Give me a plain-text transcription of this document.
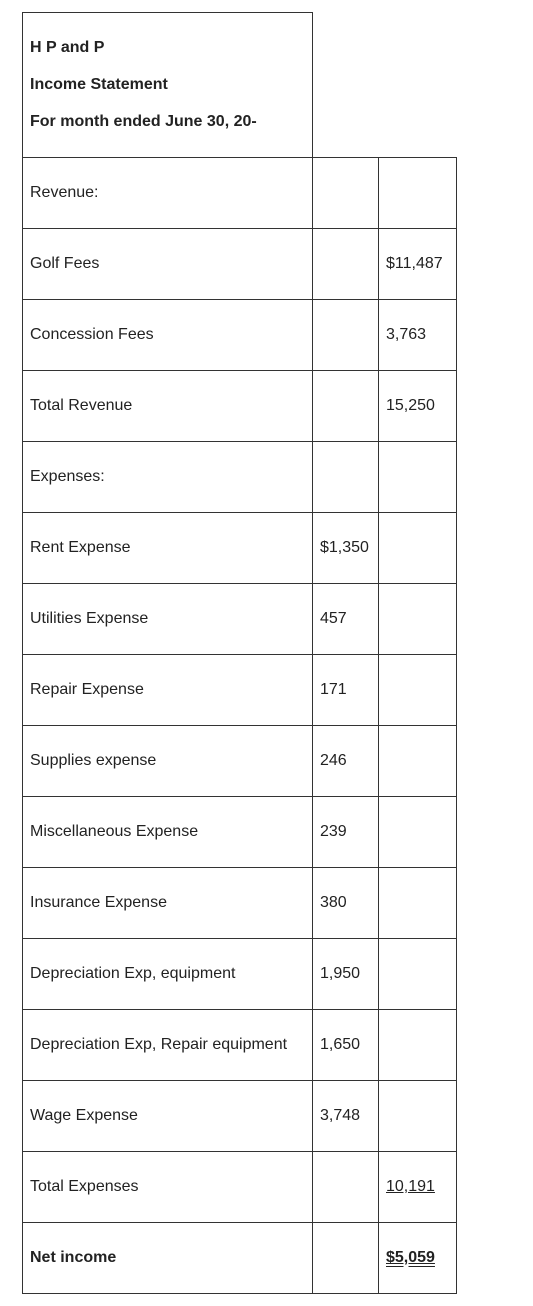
H P and P
Income Statement
For month ended June 30, 20-
Revenue:		
Golf Fees		$11,487
Concession Fees		3,763
Total Revenue		15,250
Expenses:		
Rent Expense	$1,350	
Utilities Expense	457	
Repair Expense	171	
Supplies expense	246	
Miscellaneous Expense	239	
Insurance Expense	380	
Depreciation Exp, equipment	1,950	
Depreciation Exp, Repair equipment	1,650	
Wage Expense	3,748	
Total Expenses		10,191
Net income		$5,059
